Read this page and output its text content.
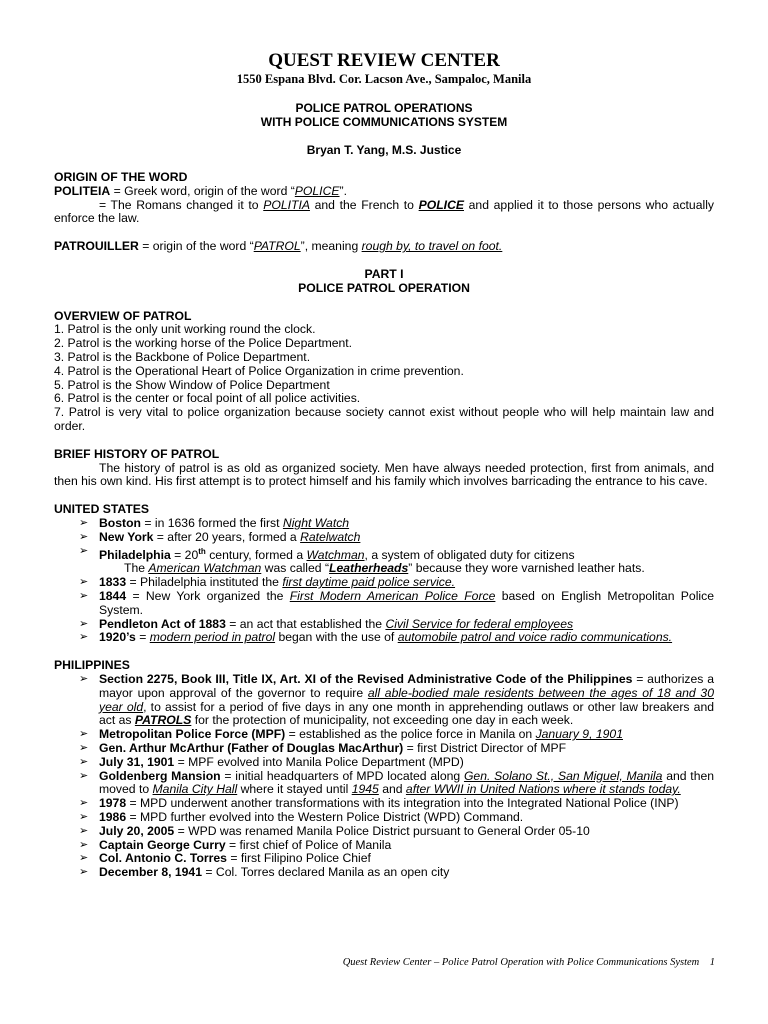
QUEST REVIEW CENTER
1550 Espana Blvd. Cor. Lacson Ave., Sampaloc, Manila
POLICE PATROL OPERATIONS
WITH POLICE COMMUNICATIONS SYSTEM
Bryan T. Yang, M.S. Justice
ORIGIN OF THE WORD
POLITEIA = Greek word, origin of the word “POLICE”.
= The Romans changed it to POLITIA and the French to POLICE and applied it to those persons who actually enforce the law.
PATROUILLER = origin of the word “PATROL”, meaning rough by, to travel on foot.
PART I
POLICE PATROL OPERATION
OVERVIEW OF PATROL
1. Patrol is the only unit working round the clock.
2. Patrol is the working horse of the Police Department.
3. Patrol is the Backbone of Police Department.
4. Patrol is the Operational Heart of Police Organization in crime prevention.
5. Patrol is the Show Window of Police Department
6. Patrol is the center or focal point of all police activities.
7. Patrol is very vital to police organization because society cannot exist without people who will help maintain law and order.
BRIEF HISTORY OF PATROL
The history of patrol is as old as organized society. Men have always needed protection, first from animals, and then his own kind. His first attempt is to protect himself and his family which involves barricading the entrance to his cave.
UNITED STATES
➢ Boston = in 1636 formed the first Night Watch
➢ New York = after 20 years, formed a Ratelwatch
➢ Philadelphia = 20th century, formed a Watchman, a system of obligated duty for citizens
The American Watchman was called “Leatherheads” because they wore varnished leather hats.
➢ 1833 = Philadelphia instituted the first daytime paid police service.
➢ 1844 = New York organized the First Modern American Police Force based on English Metropolitan Police System.
➢ Pendleton Act of 1883 = an act that established the Civil Service for federal employees
➢ 1920’s = modern period in patrol began with the use of automobile patrol and voice radio communications.
PHILIPPINES
➢ Section 2275, Book III, Title IX, Art. XI of the Revised Administrative Code of the Philippines = authorizes a mayor upon approval of the governor to require all able-bodied male residents between the ages of 18 and 30 year old, to assist for a period of five days in any one month in apprehending outlaws or other law breakers and act as PATROLS for the protection of municipality, not exceeding one day in each week.
➢ Metropolitan Police Force (MPF) = established as the police force in Manila on January 9, 1901
➢ Gen. Arthur McArthur (Father of Douglas MacArthur) = first District Director of MPF
➢ July 31, 1901 = MPF evolved into Manila Police Department (MPD)
➢ Goldenberg Mansion = initial headquarters of MPD located along Gen. Solano St., San Miguel, Manila and then moved to Manila City Hall where it stayed until 1945 and after WWII in United Nations where it stands today.
➢ 1978 = MPD underwent another transformations with its integration into the Integrated National Police (INP)
➢ 1986 = MPD further evolved into the Western Police District (WPD) Command.
➢ July 20, 2005 = WPD was renamed Manila Police District pursuant to General Order 05-10
➢ Captain George Curry = first chief of Police of Manila
➢ Col. Antonio C. Torres = first Filipino Police Chief
➢ December 8, 1941 = Col. Torres declared Manila as an open city
Quest Review Center – Police Patrol Operation with Police Communications System 1
